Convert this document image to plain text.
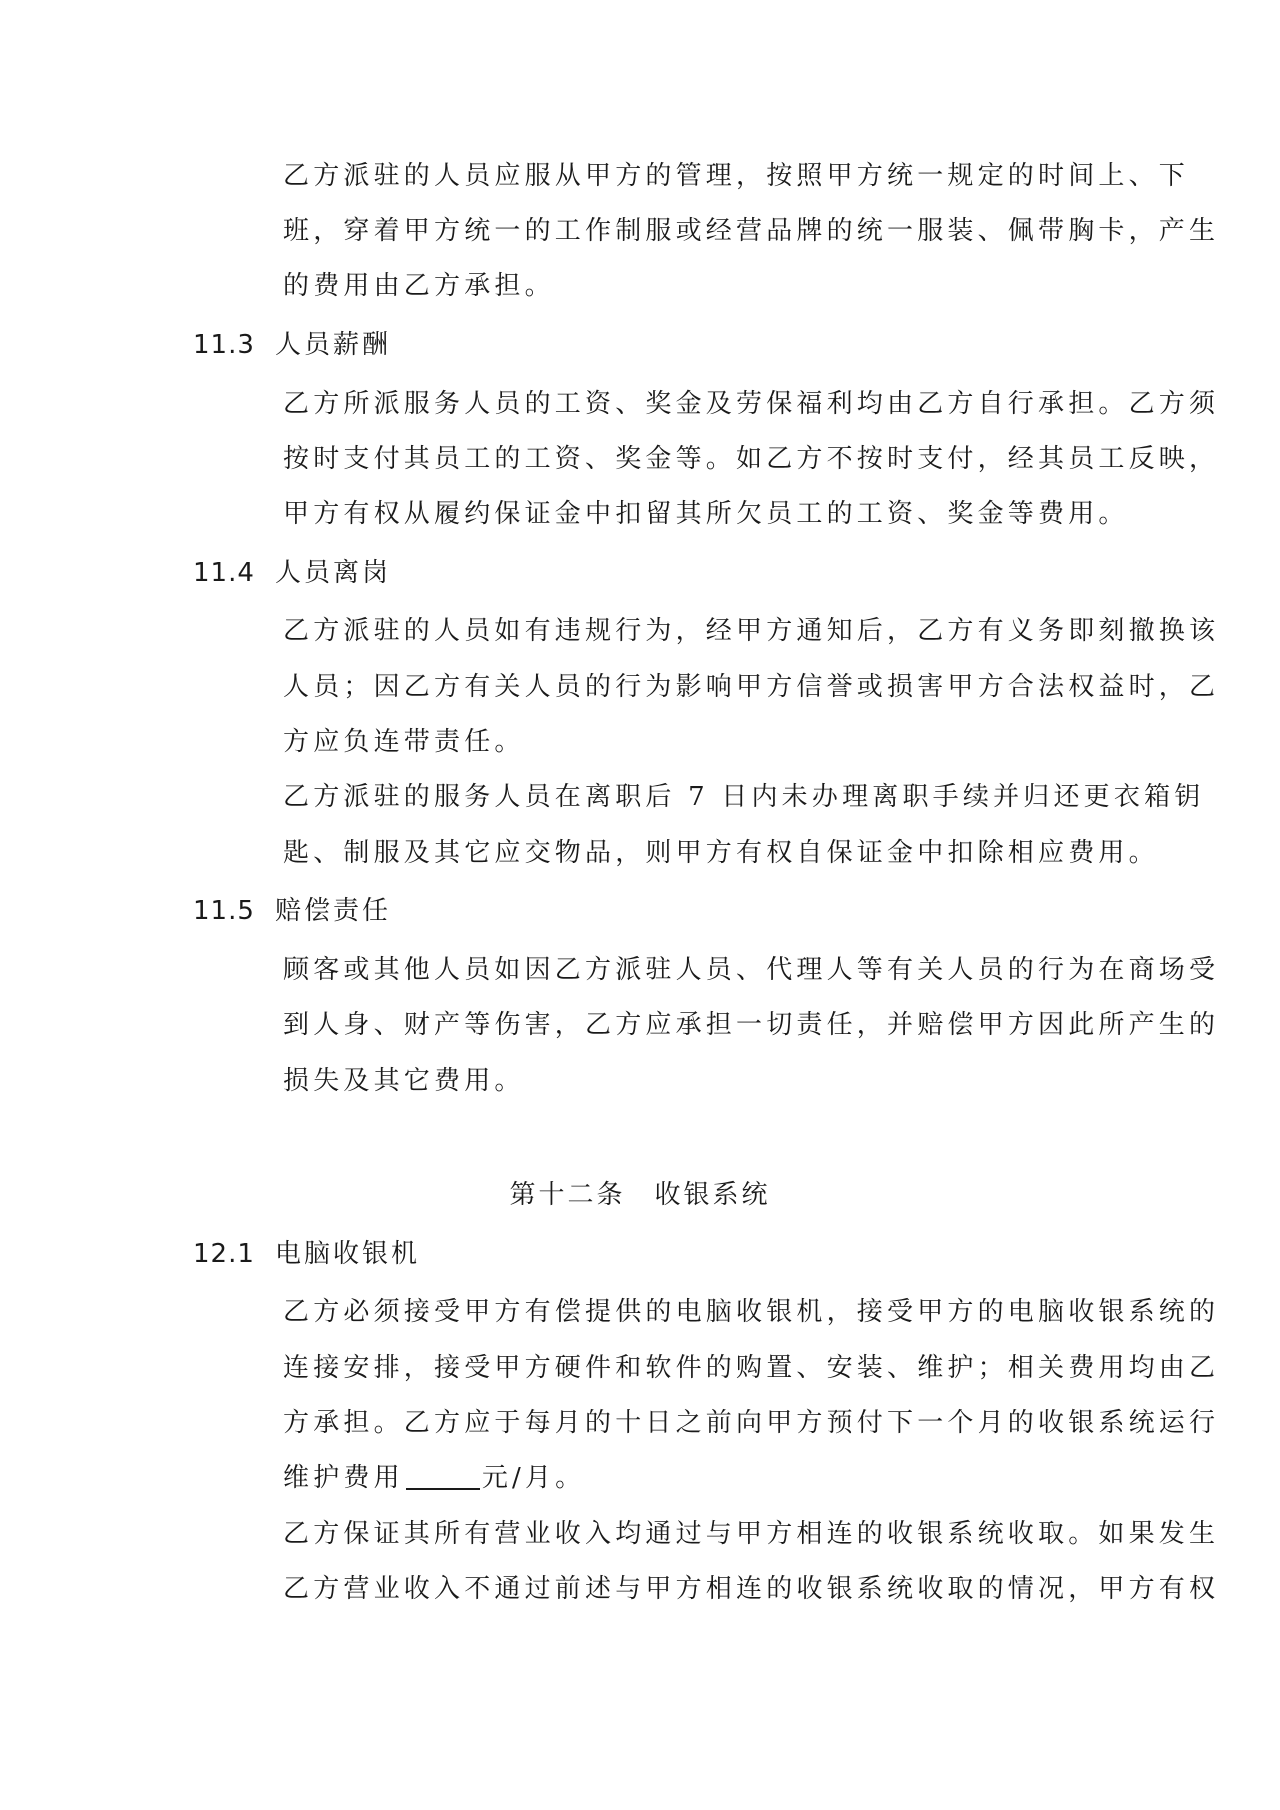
乙方派驻的人员应服从甲方的管理，按照甲方统一规定的时间上、下
班，穿着甲方统一的工作制服或经营品牌的统一服装、佩带胸卡，产生
的费用由乙方承担。
11.3 人员薪酬
乙方所派服务人员的工资、奖金及劳保福利均由乙方自行承担。乙方须
按时支付其员工的工资、奖金等。如乙方不按时支付，经其员工反映，
甲方有权从履约保证金中扣留其所欠员工的工资、奖金等费用。
11.4 人员离岗
乙方派驻的人员如有违规行为，经甲方通知后，乙方有义务即刻撤换该
人员；因乙方有关人员的行为影响甲方信誉或损害甲方合法权益时，乙
方应负连带责任。
乙方派驻的服务人员在离职后 7 日内未办理离职手续并归还更衣箱钥
匙、制服及其它应交物品，则甲方有权自保证金中扣除相应费用。
11.5 赔偿责任
顾客或其他人员如因乙方派驻人员、代理人等有关人员的行为在商场受
到人身、财产等伤害，乙方应承担一切责任，并赔偿甲方因此所产生的
损失及其它费用。
第十二条　收银系统
12.1 电脑收银机
乙方必须接受甲方有偿提供的电脑收银机，接受甲方的电脑收银系统的
连接安排，接受甲方硬件和软件的购置、安装、维护；相关费用均由乙
方承担。乙方应于每月的十日之前向甲方预付下一个月的收银系统运行
维护费用	元/月。
乙方保证其所有营业收入均通过与甲方相连的收银系统收取。如果发生
乙方营业收入不通过前述与甲方相连的收银系统收取的情况，甲方有权
